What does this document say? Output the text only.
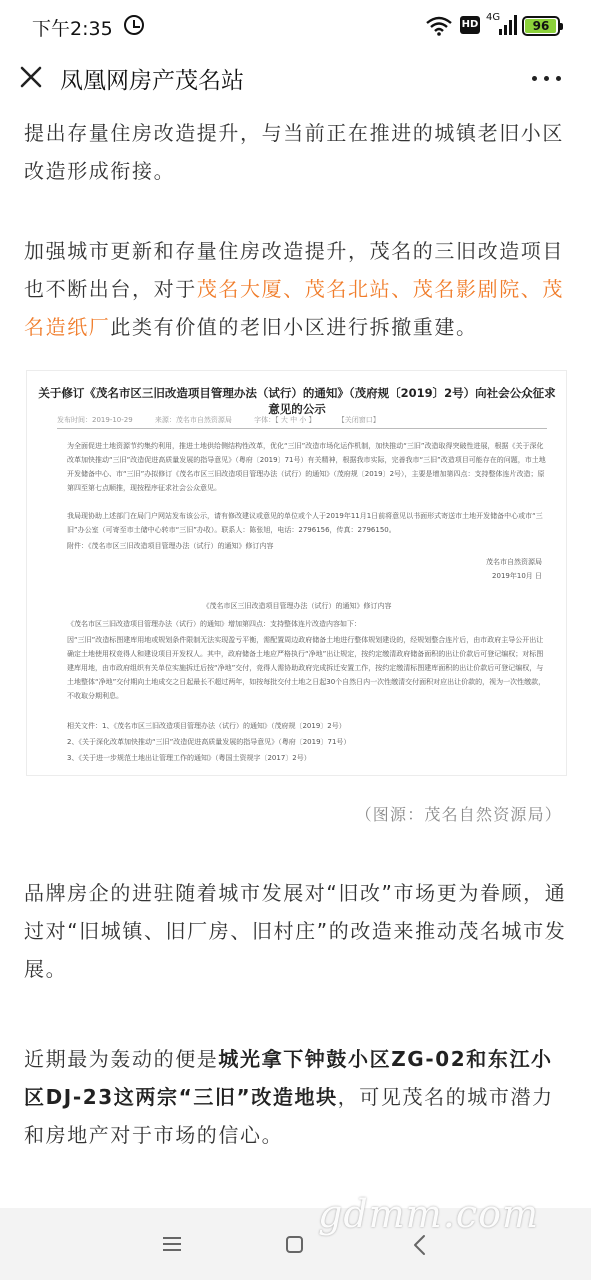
下午2:35	HD
4G
96
凤凰网房产茂名站
提出存量住房改造提升，与当前正在推进的城镇老旧小区改造形成衔接。
加强城市更新和存量住房改造提升，茂名的三旧改造项目也不断出台，对于茂名大厦、茂名北站、茂名影剧院、茂名造纸厂此类有价值的老旧小区进行拆撤重建。
关于修订《茂名市区三旧改造项目管理办法（试行）的通知》（茂府规〔2019〕2号）向社会公众征求意见的公示
发布时间：2019-10-29	来源：茂名市自然资源局	字体：【 大 中 小 】	【关闭窗口】
为全面促进土地资源节约集约利用，推进土地供给侧结构性改革，优化“三旧”改造市场化运作机制，加快推动“三旧”改造取得突破性进展，根据《关于深化改革加快推动“三旧”改造促进高质量发展的指导意见》（粤府〔2019〕71号）有关精神，根据我市实际，完善我市“三旧”改造项目可能存在的问题，市土地开发储备中心、市“三旧”办拟修订《茂名市区三旧改造项目管理办法（试行）的通知》（茂府规〔2019〕2号），主要是增加第四点：支持整体连片改造；原第四至第七点顺推，现按程序征求社会公众意见。
我局现协助上述部门在局门户网站发布该公示，请有修改建议或意见的单位或个人于2019年11月1日前将意见以书面形式寄送市土地开发储备中心或市“三旧”办公室（可寄至市土储中心转市“三旧”办收）。联系人：陈张旭，电话：2796156，传真：2796150。
附件：《茂名市区三旧改造项目管理办法（试行）的通知》修订内容
茂名市自然资源局
2019年10月 日
《茂名市区三旧改造项目管理办法（试行）的通知》修订内容
《茂名市区三旧改造项目管理办法（试行）的通知》增加第四点：支持整体连片改造内容如下：
因“三旧”改造标图建库用地或规划条件限制无法实现盈亏平衡，需配置周边政府储备土地进行整体规划建设的，经规划整合连片后，由市政府主导公开出让确定土地使用权竞得人和建设项目开发权人。其中，政府储备土地应严格执行“净地”出让规定，按约定缴清政府储备面积的出让价款后可登记编权；对标图建库用地，由市政府组织有关单位实施拆迁后按“净地”交付，竞得人需协助政府完成拆迁安置工作，按约定缴清标图建库面积的出让价款后可登记编权，与土地整体“净地”交付期向土地成交之日起最长不超过两年，如按每批交付土地之日起30个自然日内一次性缴清交付面积对应出让价款的，视为一次性缴款，不收取分期利息。
相关文件：1、《茂名市区三旧改造项目管理办法（试行）的通知》（茂府规〔2019〕2号）
2、《关于深化改革加快推动“三旧”改造促进高质量发展的指导意见》（粤府〔2019〕71号）
3、《关于进一步规范土地出让管理工作的通知》（粤国土资规字〔2017〕2号）
（图源：茂名自然资源局）
品牌房企的进驻随着城市发展对“旧改”市场更为眷顾，通过对“旧城镇、旧厂房、旧村庄”的改造来推动茂名城市发展。
近期最为轰动的便是城光拿下钟鼓小区ZG-02和东江小区DJ-23这两宗“三旧”改造地块，可见茂名的城市潜力和房地产对于市场的信心。
gdmm.com
